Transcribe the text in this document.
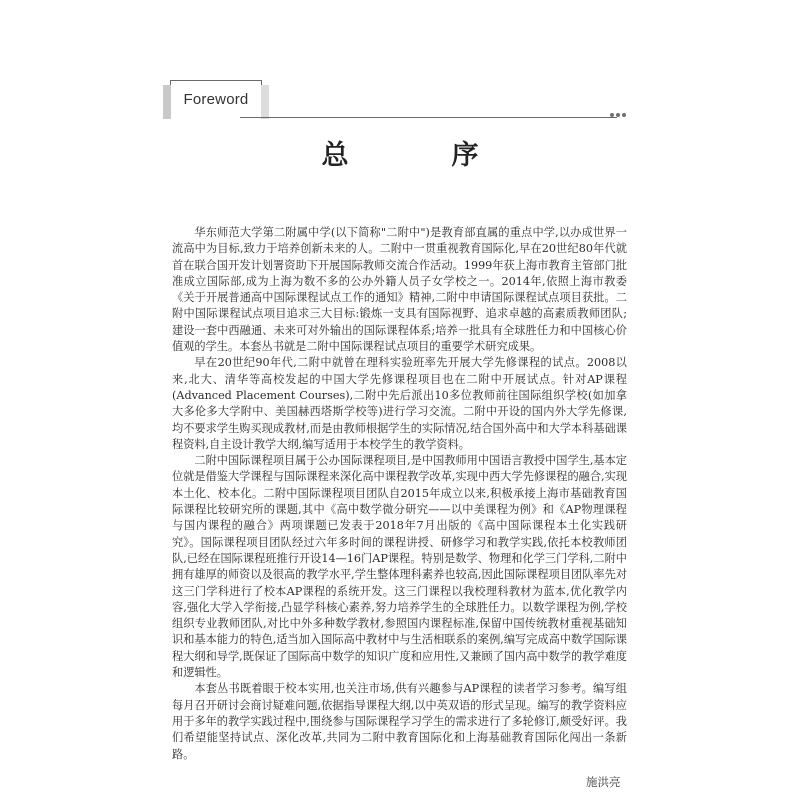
Foreword
总　序

华东师范大学第二附属中学(以下简称"二附中")是教育部直属的重点中学,以办成世界一流高中为目标,致力于培养创新未来的人。二附中一贯重视教育国际化,早在20世纪80年代就首在联合国开发计划署资助下开展国际教师交流合作活动。1999年获上海市教育主管部门批准成立国际部,成为上海为数不多的公办外籍人员子女学校之一。2014年,依照上海市教委《关于开展普通高中国际课程试点工作的通知》精神,二附中申请国际课程试点项目获批。二附中国际课程试点项目追求三大目标:锻炼一支具有国际视野、追求卓越的高素质教师团队;建设一套中西融通、未来可对外输出的国际课程体系;培养一批具有全球胜任力和中国核心价值观的学生。本套丛书就是二附中国际课程试点项目的重要学术研究成果。

早在20世纪90年代,二附中就曾在理科实验班率先开展大学先修课程的试点。2008以来,北大、清华等高校发起的中国大学先修课程项目也在二附中开展试点。针对AP课程(Advanced Placement Courses),二附中先后派出10多位教师前往国际组织学校(如加拿大多伦多大学附中、美国赫西塔斯学校等)进行学习交流。二附中开设的国内外大学先修课,均不要求学生购买现成教材,而是由教师根据学生的实际情况,结合国外高中和大学本科基础课程资料,自主设计教学大纲,编写适用于本校学生的教学资料。

二附中国际课程项目属于公办国际课程项目,是中国教师用中国语言教授中国学生,基本定位就是借鉴大学课程与国际课程来深化高中课程教学改革,实现中西大学先修课程的融合,实现本土化、校本化。二附中国际课程项目团队自2015年成立以来,积极承接上海市基础教育国际课程比较研究所的课题,其中《高中数学微分研究——以中美课程为例》和《AP物理课程与国内课程的融合》两项课题已发表于2018年7月出版的《高中国际课程本土化实践研究》。国际课程项目团队经过六年多时间的课程讲授、研修学习和教学实践,依托本校教师团队,已经在国际课程班推行开设14—16门AP课程。特别是数学、物理和化学三门学科,二附中拥有雄厚的师资以及很高的教学水平,学生整体理科素养也较高,因此国际课程项目团队率先对这三门学科进行了校本AP课程的系统开发。这三门课程以我校理科教材为蓝本,优化教学内容,强化大学入学衔接,凸显学科核心素养,努力培养学生的全球胜任力。以数学课程为例,学校组织专业教师团队,对比中外多种数学教材,参照国内课程标准,保留中国传统教材重视基础知识和基本能力的特色,适当加入国际高中教材中与生活相联系的案例,编写完成高中数学国际课程大纲和导学,既保证了国际高中数学的知识广度和应用性,又兼顾了国内高中数学的教学难度和逻辑性。

本套丛书既着眼于校本实用,也关注市场,供有兴趣参与AP课程的读者学习参考。编写组每月召开研讨会商讨疑难问题,依据指导课程大纲,以中英双语的形式呈现。编写的教学资料应用于多年的教学实践过程中,围绕参与国际课程学习学生的需求进行了多轮修订,颇受好评。我们希望能坚持试点、深化改革,共同为二附中教育国际化和上海基础教育国际化闯出一条新路。

施洪亮
